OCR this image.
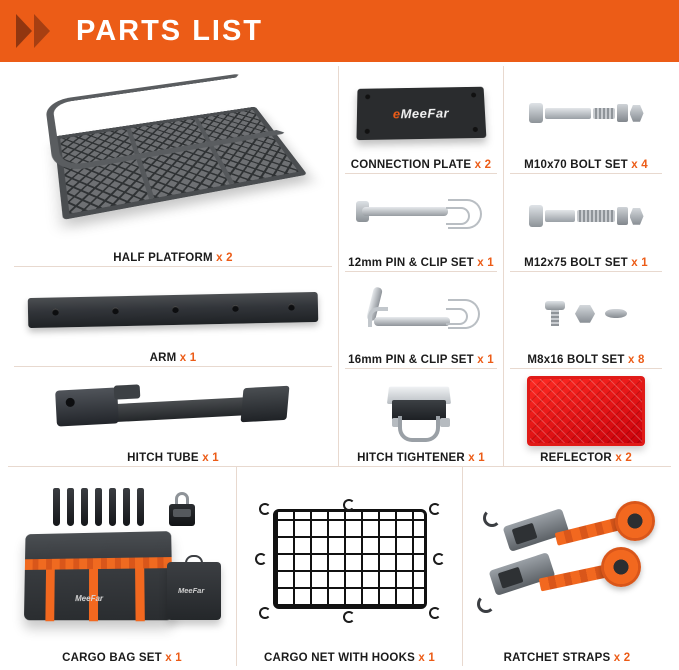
PARTS LIST
HALF PLATFORM x 2
ARM x 1
HITCH TUBE x 1
eMeeFar
CONNECTION PLATE x 2
12mm PIN & CLIP SET x 1
16mm PIN & CLIP SET x 1
HITCH TIGHTENER x 1
M10x70 BOLT SET x 4
M12x75 BOLT SET x 1
M8x16 BOLT SET x 8
REFLECTOR x 2
MeeFar
MeeFar
CARGO BAG SET x 1	CARGO NET WITH HOOKS x 1	RATCHET STRAPS x 2
